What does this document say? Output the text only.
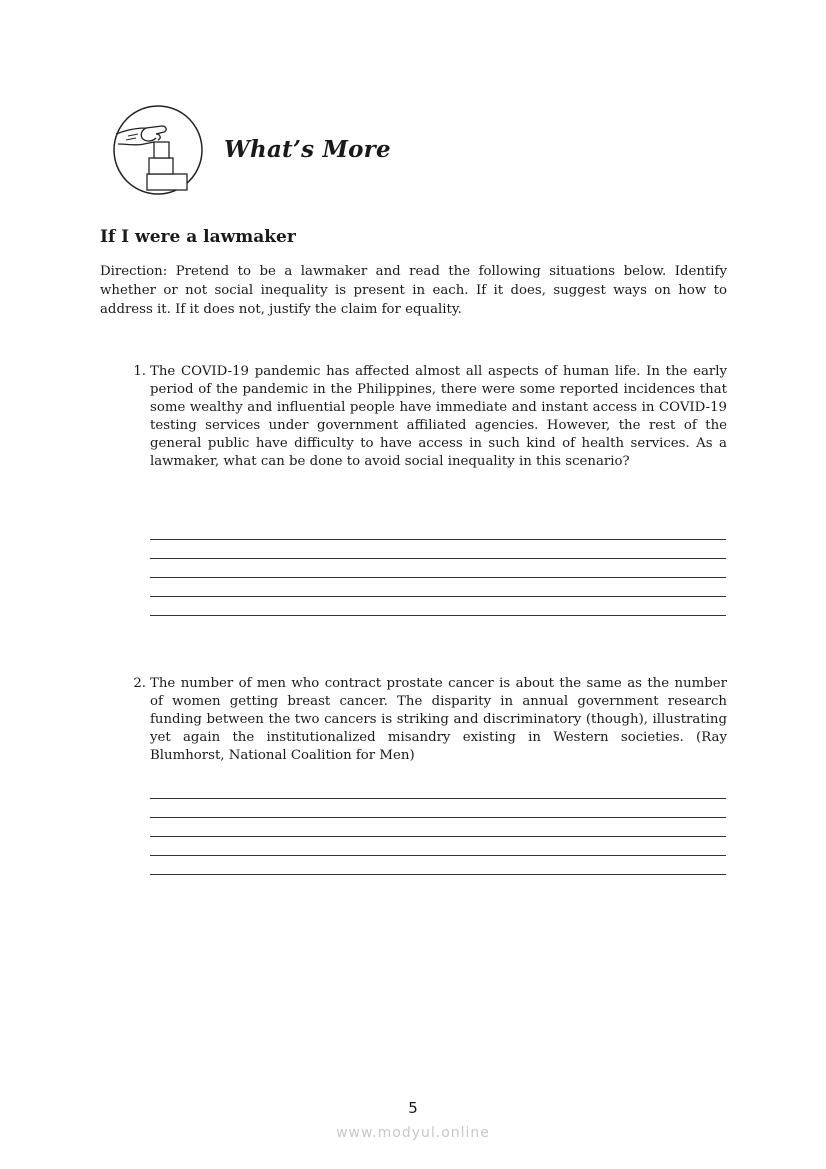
What’s More
If I were a lawmaker

Direction: Pretend to be a lawmaker and read the following situations below. Identify whether or not social inequality is present in each. If it does, suggest ways on how to address it. If it does not, justify the claim for equality.

1. The COVID-19 pandemic has affected almost all aspects of human life. In the early period of the pandemic in the Philippines, there were some reported incidences that some wealthy and influential people have immediate and instant access in COVID-19 testing services under government affiliated agencies. However, the rest of the general public have difficulty to have access in such kind of health services. As a lawmaker, what can be done to avoid social inequality in this scenario?
2. The number of men who contract prostate cancer is about the same as the number of women getting breast cancer. The disparity in annual government research funding between the two cancers is striking and discriminatory (though), illustrating yet again the institutionalized misandry existing in Western societies. (Ray Blumhorst, National Coalition for Men)
5
www.modyul.online
